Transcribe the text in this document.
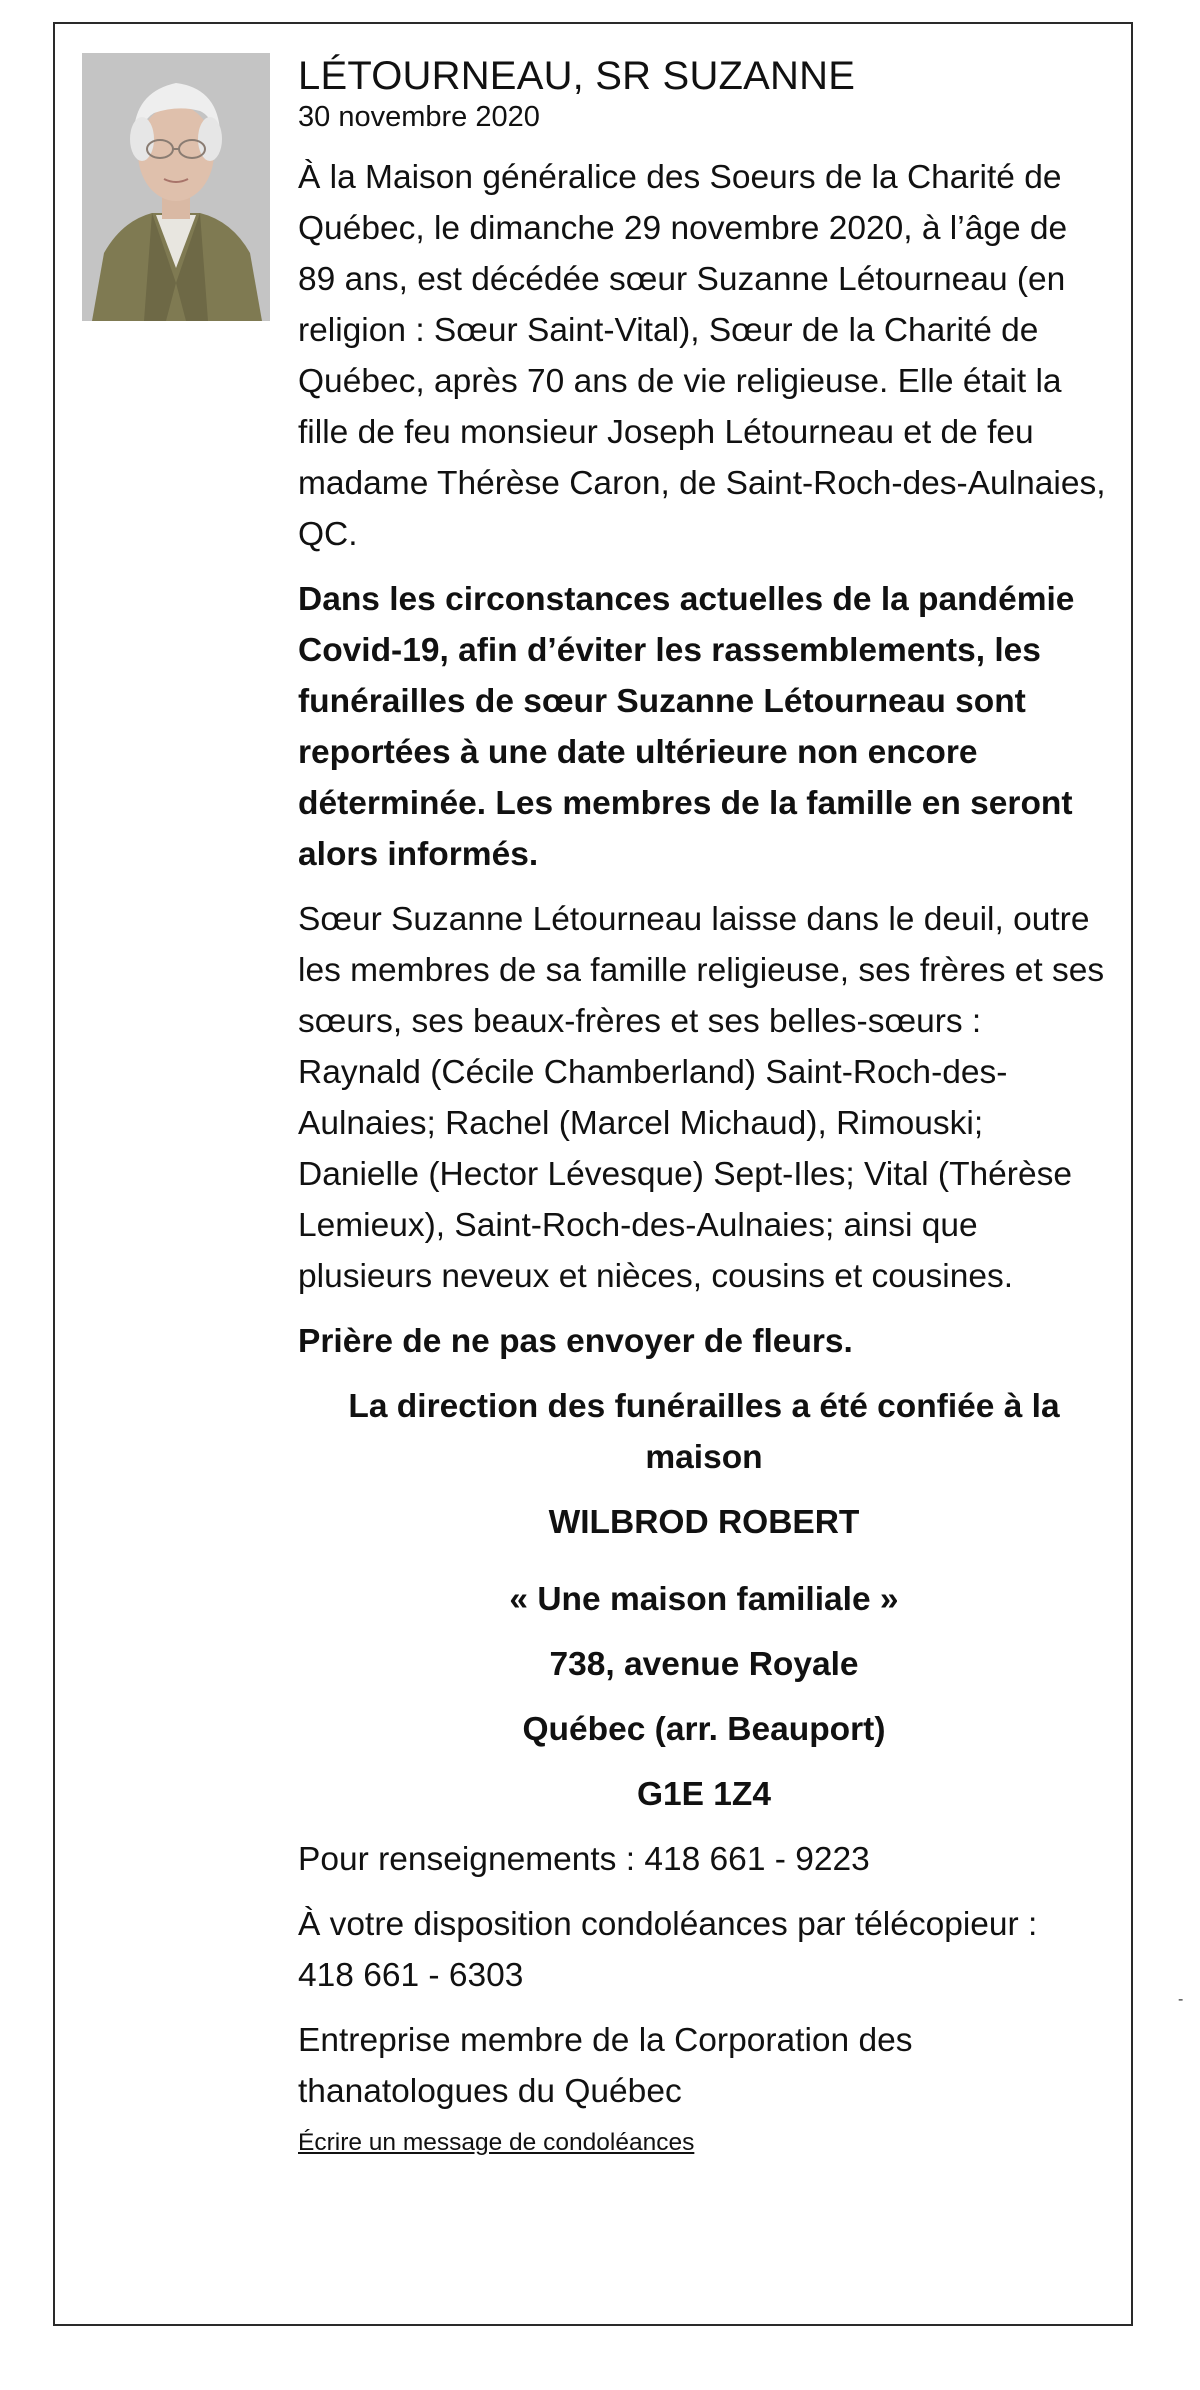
LÉTOURNEAU, SR SUZANNE
30 novembre 2020

À la Maison généralice des Soeurs de la Charité de Québec, le dimanche 29 novembre 2020, à l’âge de 89 ans, est décédée sœur Suzanne Létourneau (en religion : Sœur Saint-Vital), Sœur de la Charité de Québec, après 70 ans de vie religieuse. Elle était la fille de feu monsieur Joseph Létourneau et de feu madame Thérèse Caron, de Saint-Roch-des-Aulnaies, QC.

Dans les circonstances actuelles de la pandémie Covid-19, afin d’éviter les rassemblements, les funérailles de sœur Suzanne Létourneau sont reportées à une date ultérieure non encore déterminée. Les membres de la famille en seront alors informés.

Sœur Suzanne Létourneau laisse dans le deuil, outre les membres de sa famille religieuse, ses frères et ses sœurs, ses beaux-frères et ses belles-sœurs : Raynald (Cécile Chamberland) Saint-Roch-des-Aulnaies; Rachel (Marcel Michaud), Rimouski; Danielle (Hector Lévesque) Sept-Iles; Vital (Thérèse Lemieux), Saint-Roch-des-Aulnaies; ainsi que plusieurs neveux et nièces, cousins et cousines.

Prière de ne pas envoyer de fleurs.

La direction des funérailles a été confiée à la maison

WILBROD ROBERT

« Une maison familiale »

738, avenue Royale

Québec (arr. Beauport)

G1E 1Z4

Pour renseignements : 418 661 - 9223

À votre disposition condoléances par télécopieur :
418 661 - 6303

Entreprise membre de la Corporation des thanatologues du Québec

Écrire un message de condoléances
-
